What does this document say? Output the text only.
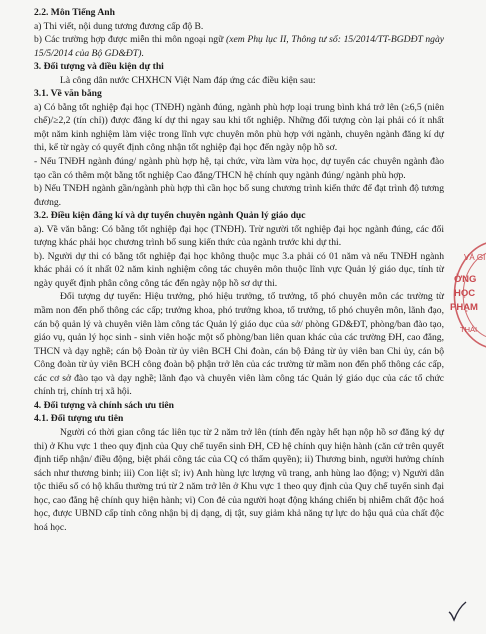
2.2. Môn Tiếng Anh

a) Thi viết, nội dung tương đương cấp độ B.

b) Các trường hợp được miễn thi môn ngoại ngữ (xem Phụ lục II, Thông tư số: 15/2014/TT-BGDĐT ngày 15/5/2014 của Bộ GD&ĐT).

3. Đối tượng và điều kiện dự thi

Là công dân nước CHXHCN Việt Nam đáp ứng các điều kiện sau:

3.1. Về văn bằng

a) Có bằng tốt nghiệp đại học (TNĐH) ngành đúng, ngành phù hợp loại trung bình khá trở lên (≥6,5 (niên chế)/≥2,2 (tín chỉ)) được đăng kí dự thi ngay sau khi tốt nghiệp. Những đối tượng còn lại phải có ít nhất một năm kinh nghiệm làm việc trong lĩnh vực chuyên môn phù hợp với ngành, chuyên ngành đăng kí dự thi, kể từ ngày có quyết định công nhận tốt nghiệp đại học đến ngày nộp hồ sơ.

- Nếu TNĐH ngành đúng/ ngành phù hợp hệ, tại chức, vừa làm vừa học, dự tuyển các chuyên ngành đào tạo cần có thêm một bằng tốt nghiệp Cao đẳng/THCN hệ chính quy ngành đúng/ ngành phù hợp.

b) Nếu TNĐH ngành gần/ngành phù hợp thì cần học bổ sung chương trình kiến thức để đạt trình độ tương đương.

3.2. Điều kiện đăng kí và dự tuyển chuyên ngành Quản lý giáo dục

a). Về văn bằng: Có bằng tốt nghiệp đại học (TNĐH). Trừ người tốt nghiệp đại học ngành đúng, các đối tượng khác phải học chương trình bổ sung kiến thức của ngành trước khi dự thi.

b). Người dự thi có bằng tốt nghiệp đại học không thuộc mục 3.a phải có 01 năm và nếu TNĐH ngành khác phải có ít nhất 02 năm kinh nghiệm công tác chuyên môn thuộc lĩnh vực Quản lý giáo dục, tính từ ngày quyết định phân công công tác đến ngày nộp hồ sơ dự thi.

Đối tượng dự tuyển: Hiệu trưởng, phó hiệu trưởng, tổ trưởng, tổ phó chuyên môn các trường từ mầm non đến phổ thông các cấp; trưởng khoa, phó trưởng khoa, tổ trưởng, tổ phó chuyên môn, lãnh đạo, cán bộ quản lý và chuyên viên làm công tác Quản lý giáo dục của sở/ phòng GD&ĐT, phòng/ban đào tạo, giáo vụ, quản lý học sinh - sinh viên hoặc một số phòng/ban liên quan khác của các trường ĐH, cao đẳng, THCN và dạy nghề; cán bộ Đoàn từ ủy viên BCH Chi đoàn, cán bộ Đảng từ ủy viên ban Chi ủy, cán bộ Công đoàn từ ủy viên BCH công đoàn bộ phận trở lên của các trường từ mầm non đến phổ thông các cấp, các cơ sở đào tạo và dạy nghề; lãnh đạo và chuyên viên làm công tác Quản lý giáo dục của các tổ chức chính trị, chính trị xã hội.

4. Đối tượng và chính sách ưu tiên

4.1. Đối tượng ưu tiên

Người có thời gian công tác liên tục từ 2 năm trở lên (tính đến ngày hết hạn nộp hồ sơ đăng ký dự thi) ở Khu vực 1 theo quy định của Quy chế tuyển sinh ĐH, CĐ hệ chính quy hiện hành (căn cứ trên quyết định tiếp nhận/ điều động, biệt phái công tác của CQ có thẩm quyền); ii) Thương binh, người hưởng chính sách như thương binh; iii) Con liệt sĩ; iv) Anh hùng lực lượng vũ trang, anh hùng lao động; v) Người dân tộc thiểu số có hộ khẩu thường trú từ 2 năm trở lên ở Khu vực 1 theo quy định của Quy chế tuyển sinh đại học, cao đẳng hệ chính quy hiện hành; vi) Con đẻ của người hoạt động kháng chiến bị nhiễm chất độc hoá học, được UBND cấp tỉnh công nhận bị dị dạng, dị tật, suy giảm khả năng tự lực do hậu quả của chất độc hoá học.

VÀ GI
ỜNG
HỌC
PHẠM
THÁI
